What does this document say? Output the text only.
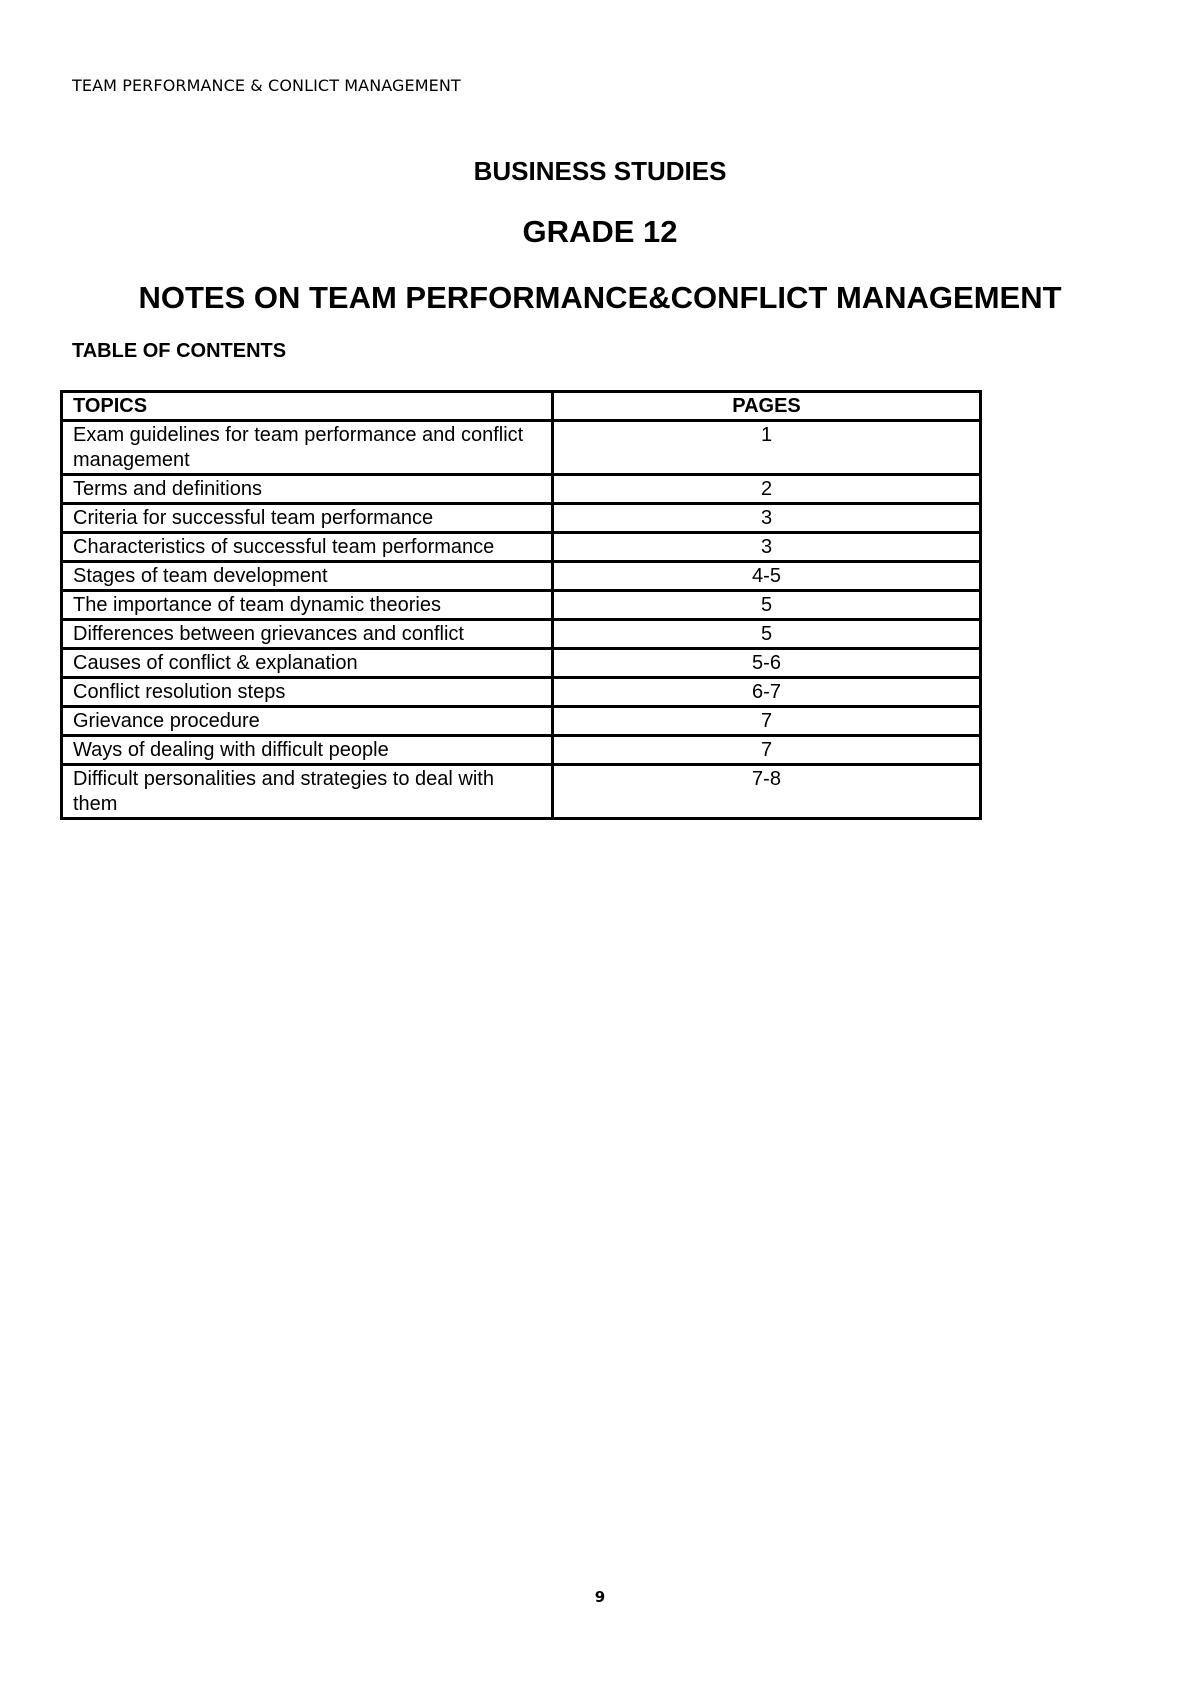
TEAM PERFORMANCE & CONLICT MANAGEMENT
BUSINESS STUDIES
GRADE 12
NOTES ON TEAM PERFORMANCE&CONFLICT MANAGEMENT
TABLE OF CONTENTS
TOPICS	PAGES
Exam guidelines for team performance and conflict management	1
Terms and definitions	2
Criteria for successful team performance	3
Characteristics of successful team performance	3
Stages of team development	4-5
The importance of team dynamic theories	5
Differences between grievances and conflict	5
Causes of conflict & explanation	5-6
Conflict resolution steps	6-7
Grievance procedure	7
Ways of dealing with difficult people	7
Difficult personalities and strategies to deal with them	7-8
9
